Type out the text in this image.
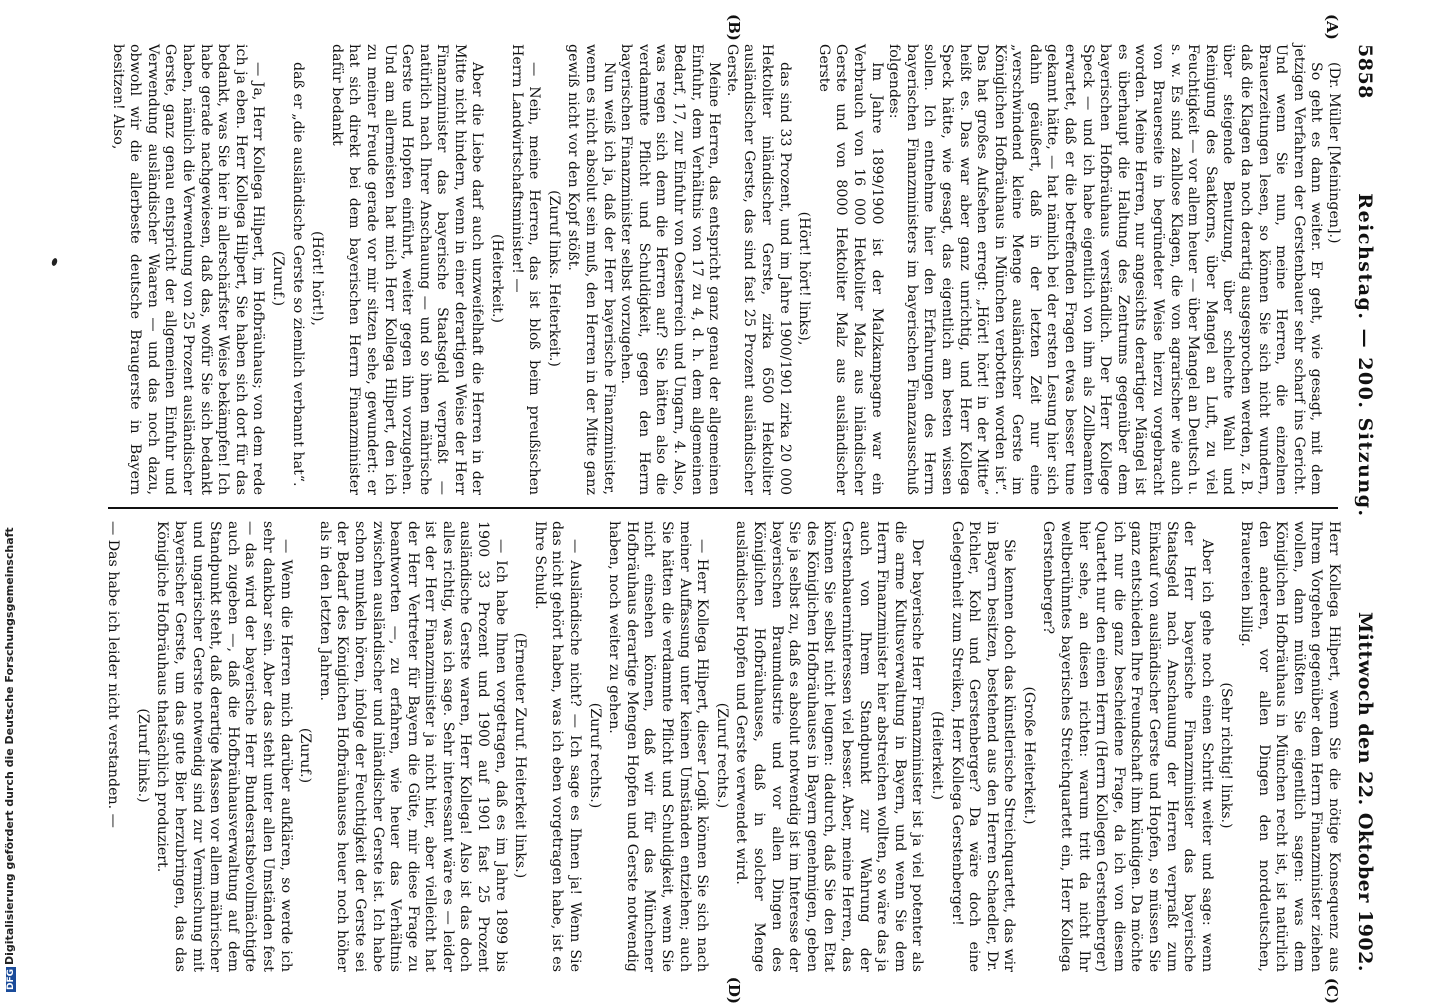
5858
Reichstag. — 200. Sitzung.
Mittwoch den 22. Oktober 1902.
(A)
(B)

(Dr. Müller [Meiningen].)

So geht es dann weiter. Er geht, wie gesagt, mit dem jetzigen Verfahren der Gerstenbauer sehr scharf ins Gericht. Und wenn Sie nun, meine Herren, die einzelnen Brauerzeitungen lesen, so können Sie sich nicht wundern, daß die Klagen da noch derartig ausgesprochen werden, z. B. über steigende Benutzung, über schlechte Wahl und Reinigung des Saatkorns, über Mangel an Luft, zu viel Feuchtigkeit — vor allem heuer — über Mangel an Deutsch u. s. w. Es sind zahllose Klagen, die von agrarischer wie auch von Brauerseite in begründeter Weise hierzu vorgebracht worden. Meine Herren, nur angesichts derartiger Mängel ist es überhaupt die Haltung des Zentrums gegenüber dem bayerischen Hofbräuhaus verständlich. Der Herr Kollege Speck — und ich habe eigentlich von ihm als Zollbeamten erwartet, daß er die betreffenden Fragen etwas besser tune gekannt hätte, — hat nämlich bei der ersten Lesung hier sich dahin geäußert, daß in der letzten Zeit nur eine „verschwindend kleine Menge ausländischer Gerste im Königlichen Hofbräuhaus in München verbotten worden ist“. Das hat großes Aufsehen erregt: „Hört! hört! in der Mitte“ heißt es. Das war aber ganz unrichtig, und Herr Kollega Speck hätte, wie gesagt, das eigentlich am besten wissen sollen. Ich entnehme hier den Erfahrungen des Herrn bayerischen Finanzministers im bayerischen Finanzausschuß folgendes:

Im Jahre 1899/1900 ist der Malzkampagne war ein Verbrauch von 16 000 Hektoliter Malz aus inländischer Gerste und von 8000 Hektoliter Malz aus ausländischer Gerste

(Hört! hört! links),

das sind 33 Prozent, und im Jahre 1900/1901 zirka 20 000 Hektoliter inländischer Gerste, zirka 6500 Hektoliter ausländischer Gerste, das sind fast 25 Prozent ausländischer Gerste.

Meine Herren, das entspricht ganz genau der allgemeinen Einfuhr, dem Verhältnis von 17 zu 4, d. h. dem allgemeinen Bedarf, 17, zur Einfuhr von Oesterreich und Ungarn, 4. Also, was regen sich denn die Herren auf? Sie hätten also die verdammte Pflicht und Schuldigkeit, gegen den Herrn bayerischen Finanzminister selbst vorzugehen.

Nun weiß ich ja, daß der Herr bayerische Finanzminister, wenn es nicht absolut sein muß, den Herren in der Mitte ganz gewiß nicht vor den Kopf stößt.

(Zuruf links. Heiterkeit.)

— Nein, meine Herren, das ist bloß beim preußischen Herrn Landwirtschaftsminister! —

(Heiterkeit.)

Aber die Liebe darf auch unzweifelhaft die Herren in der Mitte nicht hindern, wenn in einer derartigen Weise der Herr Finanzminister das bayerische Staatsgeld verpraßt — natürlich nach Ihrer Anschauung — und so ihnen mährische Gerste und Hopfen einführt, weiter gegen ihn vorzugehen. Und am allermeisten hat mich Herr Kollega Hilpert, den ich zu meiner Freude gerade vor mir sitzen sehe, gewundert: er hat sich direkt bei dem bayerischen Herrn Finanzminister dafür bedankt

(Hört! hört!),

daß er „die ausländische Gerste so ziemlich verbannt hat“.

(Zuruf.)

— Ja, Herr Kollega Hilpert, im Hofbräuhaus; von dem rede ich ja eben. Herr Kollega Hilpert, Sie haben sich dort für das bedankt, was Sie hier in allerschärfster Weise bekämpfen! Ich habe gerade nachgewiesen, daß das, wofür Sie sich bedankt haben, nämlich die Verwendung von 25 Prozent ausländischer Gerste, ganz genau entspricht der allgemeinen Einfuhr und Verwendung ausländischer Waaren — und das noch dazu, obwohl wir die allerbeste deutsche Braugerste in Bayern besitzen! Also,

(C)
(D)

Herr Kollega Hilpert, wenn Sie die nötige Konsequenz aus Ihrem Vorgehen gegenüber dem Herrn Finanzminister ziehen wollen, dann müßten Sie eigentlich sagen: was dem Königlichen Hofbräuhaus in München recht ist, ist natürlich den anderen, vor allen Dingen den norddeutschen, Brauereien billig.

(Sehr richtig! links.)

Aber ich gehe noch einen Schritt weiter und sage: wenn der Herr bayerische Finanzminister das bayerische Staatsgeld nach Anschauung der Herren verpraßt zum Einkauf von ausländischer Gerste und Hopfen, so müssen Sie ganz entschieden Ihre Freundschaft ihm kündigen. Da möchte ich nur die ganz bescheidene Frage, da ich von diesem Quartett nur den einen Herrn (Herrn Kollegen Gerstenberger) hier sehe, an diesen richten: warum tritt da nicht Ihr weltberühmtes bayerisches Streichquartett ein, Herr Kollega Gerstenberger?

(Große Heiterkeit.)

Sie kennen doch das künstlerische Streichquartett, das wir in Bayern besitzen, bestehend aus den Herren Schaedler, Dr. Pichler, Kohl und Gerstenberger? Da wäre doch eine Gelegenheit zum Streiken, Herr Kollega Gerstenberger!

(Heiterkeit.)

Der bayerische Herr Finanzminister ist ja viel potenter als die arme Kultusverwaltung in Bayern, und wenn Sie dem Herrn Finanzminister hier abstreichen wollten, so wäre das ja auch von Ihrem Standpunkt zur Wahrung der Gerstenbauerninteressen viel besser. Aber, meine Herren, das können Sie selbst nicht leugnen: dadurch, daß Sie den Etat des Königlichen Hofbräuhauses in Bayern genehmigen, geben Sie ja selbst zu, daß es absolut notwendig ist im Interesse der bayerischen Braumdustrie und vor allen Dingen des Königlichen Hofbräuhauses, daß in solcher Menge ausländischer Hopfen und Gerste verwendet wird.

(Zuruf rechts.)

— Herr Kollega Hilpert, dieser Logik können Sie sich nach meiner Auffassung unter keinen Umständen entziehen; auch Sie hätten die verdammte Pflicht und Schuldigkeit, wenn Sie nicht einsehen können, daß wir für das Münchener Hofbräuhaus derartige Mengen Hopfen und Gerste notwendig haben, noch weiter zu gehen.

(Zuruf rechts.)

— Ausländische nicht? — Ich sage es Ihnen ja! Wenn Sie das nicht gehört haben, was ich eben vorgetragen habe, ist es Ihre Schuld.

(Erneuter Zuruf. Heiterkeit links.)

— Ich habe Ihnen vorgetragen, daß es im Jahre 1899 bis 1900 33 Prozent und 1900 auf 1901 fast 25 Prozent ausländische Gerste waren, Herr Kollega! Also ist das doch alles richtig, was ich sage. Sehr interessant wäre es — leider ist der Herr Finanzminister ja nicht hier, aber vielleicht hat der Herr Vertreter für Bayern die Güte, mir diese Frage zu beantworten —, zu erfahren, wie heuer das Verhältnis zwischen ausländischer und inländischer Gerste ist. Ich habe schon munkeln hören, infolge der Feuchtigkeit der Gerste sei der Bedarf des Königlichen Hofbräuhauses heuer noch höher als in den letzten Jahren.

(Zuruf.)

— Wenn die Herren mich darüber aufklären, so werde ich sehr dankbar sein. Aber das steht unter allen Umständen fest — das wird der bayerische Herr Bundesratsbevollmächtigte auch zugeben —, daß die Hofbräuhausverwaltung auf dem Standpunkt steht, daß derartige Massen vor allem mährischer und ungarischer Gerste notwendig sind zur Vermischung mit bayerischer Gerste, um das gute Bier herzubringen, das das Königliche Hofbräuhaus thatsächlich produziert.

(Zuruf links.)

— Das habe ich leider nicht verstanden. —

DFGDigitalisierung gefördert durch die Deutsche Forschungsgemeinschaft
